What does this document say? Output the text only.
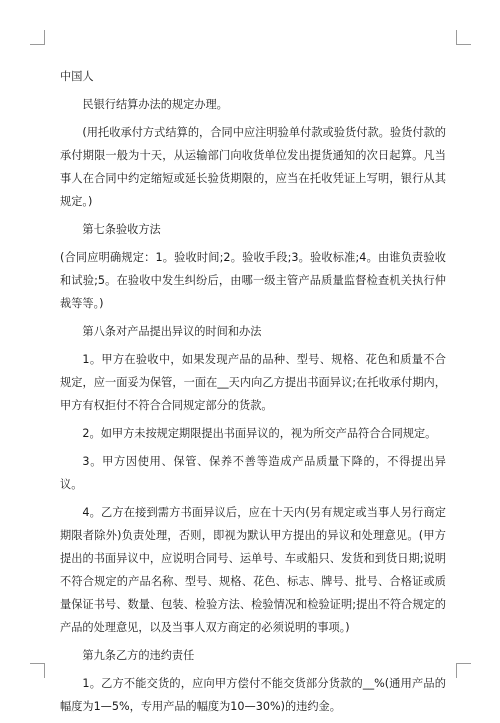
中国人

民银行结算办法的规定办理。

(用托收承付方式结算的，合同中应注明验单付款或验货付款。验货付款的承付期限一般为十天，从运输部门向收货单位发出提货通知的次日起算。凡当事人在合同中约定缩短或延长验货期限的，应当在托收凭证上写明，银行从其规定。)

第七条验收方法

(合同应明确规定：1。验收时间;2。验收手段;3。验收标准;4。由谁负责验收和试验;5。在验收中发生纠纷后，由哪一级主管产品质量监督检查机关执行仲裁等等。)

第八条对产品提出异议的时间和办法

1。甲方在验收中，如果发现产品的品种、型号、规格、花色和质量不合规定，应一面妥为保管，一面在__天内向乙方提出书面异议;在托收承付期内，甲方有权拒付不符合合同规定部分的货款。

2。如甲方未按规定期限提出书面异议的，视为所交产品符合合同规定。

3。甲方因使用、保管、保养不善等造成产品质量下降的，不得提出异议。

4。乙方在接到需方书面异议后，应在十天内(另有规定或当事人另行商定期限者除外)负责处理，否则，即视为默认甲方提出的异议和处理意见。(甲方提出的书面异议中，应说明合同号、运单号、车或船只、发货和到货日期;说明不符合规定的产品名称、型号、规格、花色、标志、牌号、批号、合格证或质量保证书号、数量、包装、检验方法、检验情况和检验证明;提出不符合规定的产品的处理意见，以及当事人双方商定的必须说明的事项。)

第九条乙方的违约责任

1。乙方不能交货的，应向甲方偿付不能交货部分货款的__%(通用产品的幅度为1—5%，专用产品的幅度为10—30%)的违约金。
